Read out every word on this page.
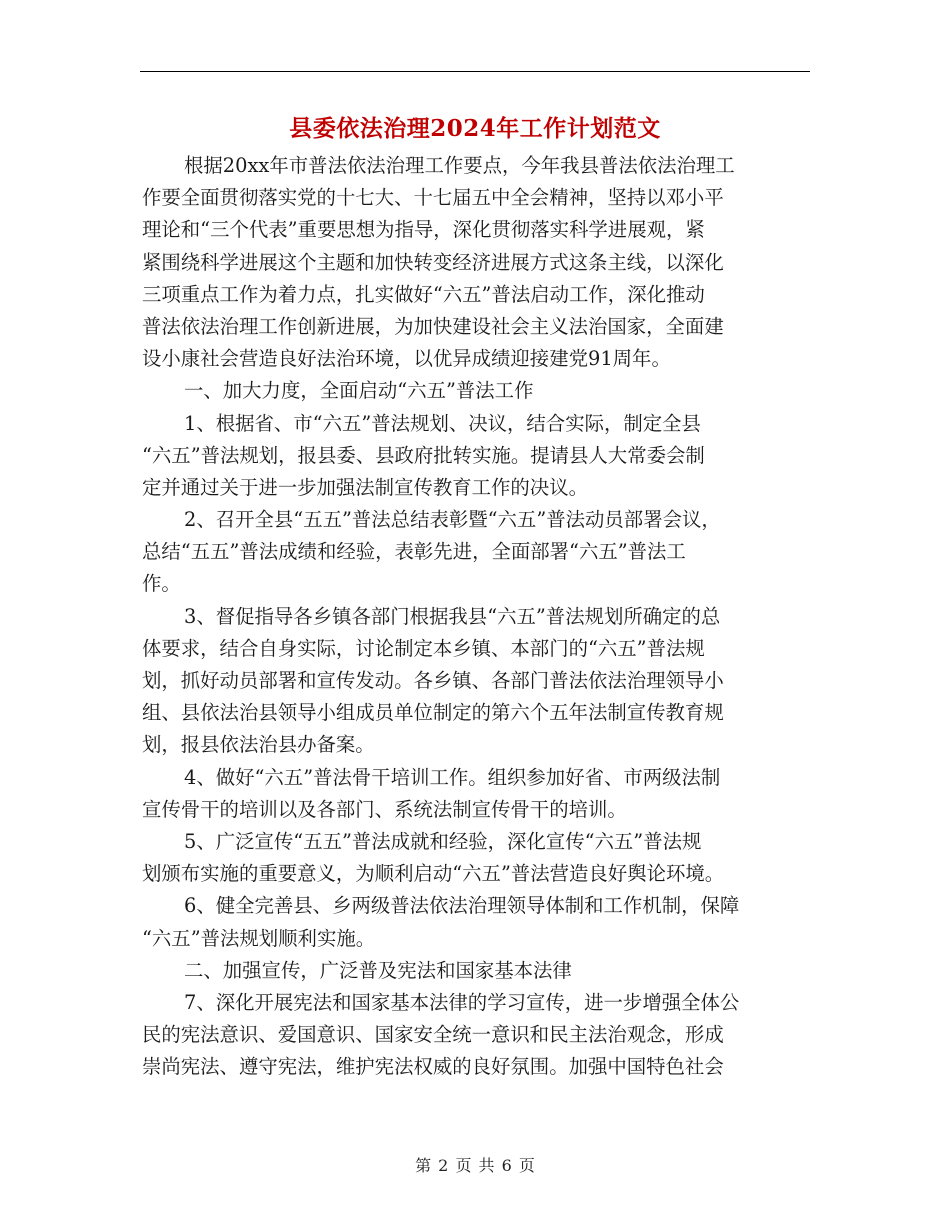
县委依法治理2024年工作计划范文
根据20xx年市普法依法治理工作要点，今年我县普法依法治理工
作要全面贯彻落实党的十七大、十七届五中全会精神，坚持以邓小平
理论和“三个代表”重要思想为指导，深化贯彻落实科学进展观，紧
紧围绕科学进展这个主题和加快转变经济进展方式这条主线，以深化
三项重点工作为着力点，扎实做好“六五”普法启动工作，深化推动
普法依法治理工作创新进展，为加快建设社会主义法治国家，全面建
设小康社会营造良好法治环境，以优异成绩迎接建党91周年。
一、加大力度，全面启动“六五”普法工作
1、根据省、市“六五”普法规划、决议，结合实际，制定全县
“六五”普法规划，报县委、县政府批转实施。提请县人大常委会制
定并通过关于进一步加强法制宣传教育工作的决议。
2、召开全县“五五”普法总结表彰暨“六五”普法动员部署会议，
总结“五五”普法成绩和经验，表彰先进，全面部署“六五”普法工
作。
3、督促指导各乡镇各部门根据我县“六五”普法规划所确定的总
体要求，结合自身实际，讨论制定本乡镇、本部门的“六五”普法规
划，抓好动员部署和宣传发动。各乡镇、各部门普法依法治理领导小
组、县依法治县领导小组成员单位制定的第六个五年法制宣传教育规
划，报县依法治县办备案。
4、做好“六五”普法骨干培训工作。组织参加好省、市两级法制
宣传骨干的培训以及各部门、系统法制宣传骨干的培训。
5、广泛宣传“五五”普法成就和经验，深化宣传“六五”普法规
划颁布实施的重要意义，为顺利启动“六五”普法营造良好舆论环境。
6、健全完善县、乡两级普法依法治理领导体制和工作机制，保障
“六五”普法规划顺利实施。
二、加强宣传，广泛普及宪法和国家基本法律
7、深化开展宪法和国家基本法律的学习宣传，进一步增强全体公
民的宪法意识、爱国意识、国家安全统一意识和民主法治观念，形成
崇尚宪法、遵守宪法，维护宪法权威的良好氛围。加强中国特色社会
第 2 页 共 6 页
